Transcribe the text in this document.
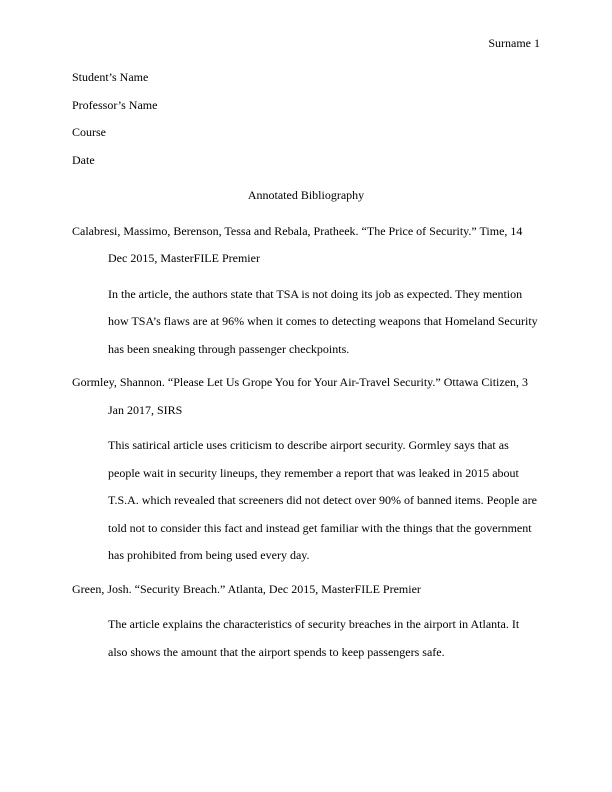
Surname 1

Student’s Name

Professor’s Name

Course

Date

Annotated Bibliography

Calabresi, Massimo, Berenson, Tessa and Rebala, Pratheek. “The Price of Security.” Time, 14

Dec 2015, MasterFILE Premier

In the article, the authors state that TSA is not doing its job as expected. They mention

how TSA’s flaws are at 96% when it comes to detecting weapons that Homeland Security

has been sneaking through passenger checkpoints.

Gormley, Shannon. “Please Let Us Grope You for Your Air-Travel Security.” Ottawa Citizen, 3

Jan 2017, SIRS

This satirical article uses criticism to describe airport security. Gormley says that as

people wait in security lineups, they remember a report that was leaked in 2015 about

T.S.A. which revealed that screeners did not detect over 90% of banned items. People are

told not to consider this fact and instead get familiar with the things that the government

has prohibited from being used every day.

Green, Josh. “Security Breach.” Atlanta, Dec 2015, MasterFILE Premier

The article explains the characteristics of security breaches in the airport in Atlanta. It

also shows the amount that the airport spends to keep passengers safe.
